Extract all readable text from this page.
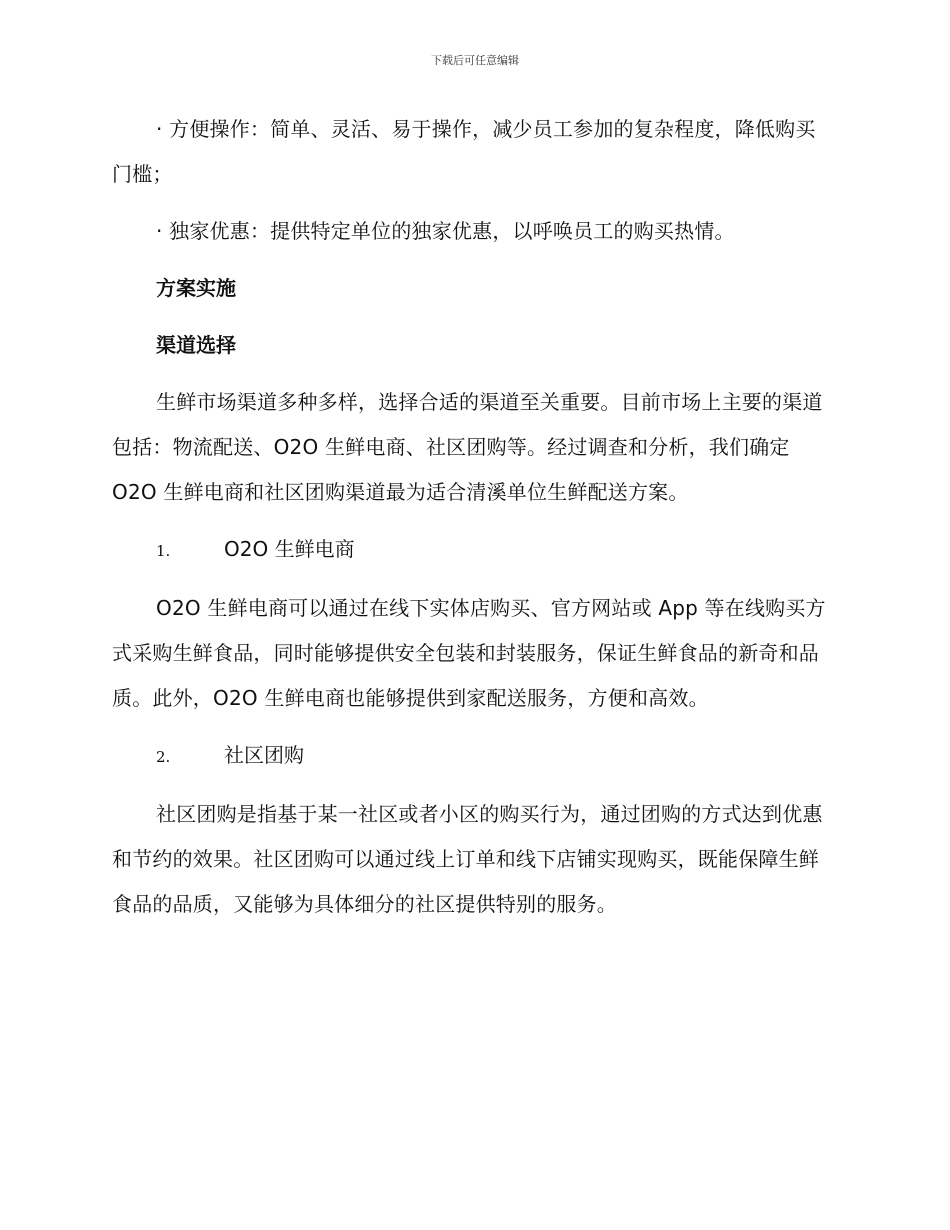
下载后可任意编辑

· 方便操作：简单、灵活、易于操作，减少员工参加的复杂程度，降低购买门槛；

· 独家优惠：提供特定单位的独家优惠，以呼唤员工的购买热情。

方案实施

渠道选择

生鲜市场渠道多种多样，选择合适的渠道至关重要。目前市场上主要的渠道包括：物流配送、O2O 生鲜电商、社区团购等。经过调查和分析，我们确定 O2O 生鲜电商和社区团购渠道最为适合清溪单位生鲜配送方案。

1.	O2O 生鲜电商

O2O 生鲜电商可以通过在线下实体店购买、官方网站或 App 等在线购买方式采购生鲜食品，同时能够提供安全包装和封装服务，保证生鲜食品的新奇和品质。此外，O2O 生鲜电商也能够提供到家配送服务，方便和高效。

2.	社区团购

社区团购是指基于某一社区或者小区的购买行为，通过团购的方式达到优惠和节约的效果。社区团购可以通过线上订单和线下店铺实现购买，既能保障生鲜食品的品质，又能够为具体细分的社区提供特别的服务。
